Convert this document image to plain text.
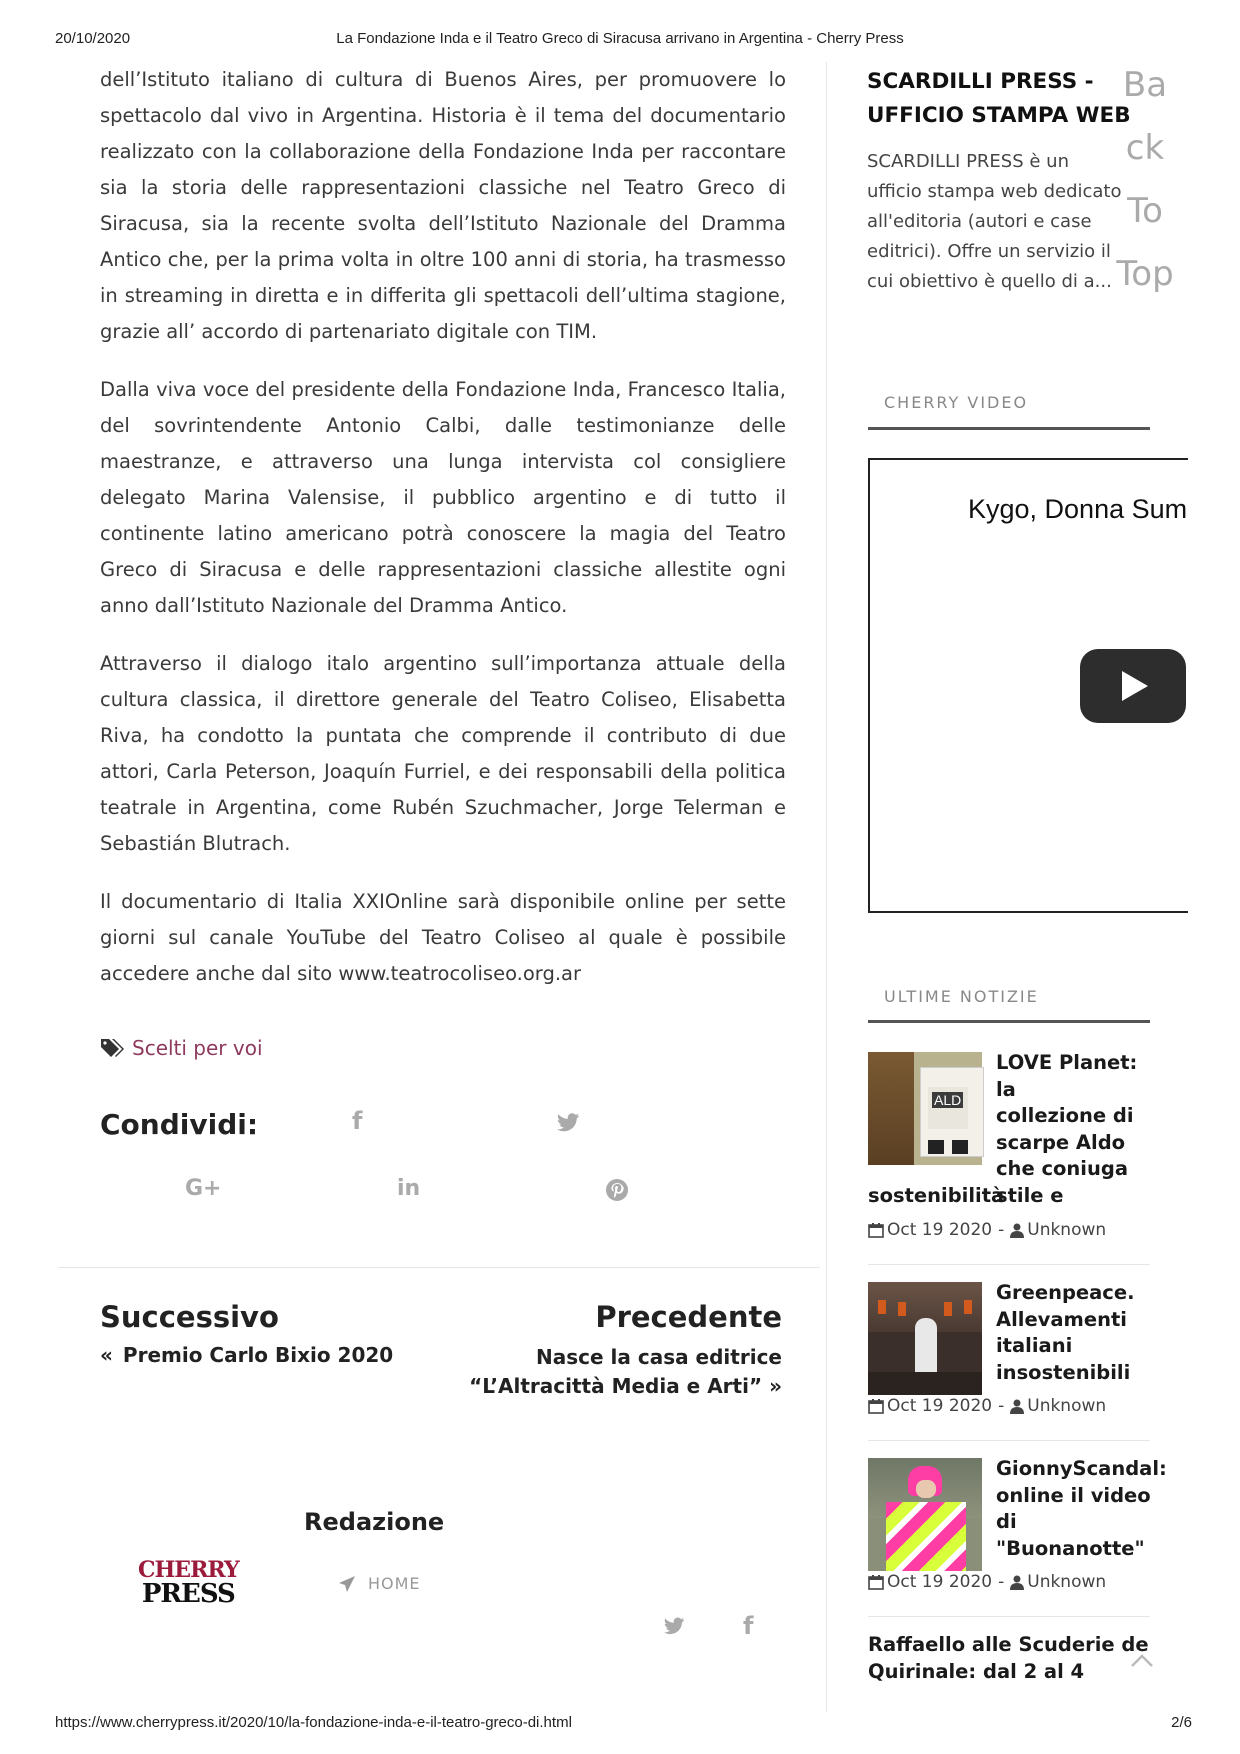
20/10/2020	La Fondazione Inda e il Teatro Greco di Siracusa arrivano in Argentina - Cherry Press

dell’Istituto italiano di cultura di Buenos Aires, per promuovere lo spettacolo dal vivo in Argentina. Historia è il tema del documentario realizzato con la collaborazione della Fondazione Inda per raccontare sia la storia delle rappresentazioni classiche nel Teatro Greco di Siracusa, sia la recente svolta dell’Istituto Nazionale del Dramma Antico che, per la prima volta in oltre 100 anni di storia, ha trasmesso in streaming in diretta e in differita gli spettacoli dell’ultima stagione, grazie all’ accordo di partenariato digitale con TIM.

Dalla viva voce del presidente della Fondazione Inda, Francesco Italia, del sovrintendente Antonio Calbi, dalle testimonianze delle maestranze, e attraverso una lunga intervista col consigliere delegato Marina Valensise, il pubblico argentino e di tutto il continente latino americano potrà conoscere la magia del Teatro Greco di Siracusa e delle rappresentazioni classiche allestite ogni anno dall’Istituto Nazionale del Dramma Antico.

Attraverso il dialogo italo argentino sull’importanza attuale della cultura classica, il direttore generale del Teatro Coliseo, Elisabetta Riva, ha condotto la puntata che comprende il contributo di due attori, Carla Peterson, Joaquín Furriel, e dei responsabili della politica teatrale in Argentina, come Rubén Szuchmacher, Jorge Telerman e Sebastián Blutrach.

Il documentario di Italia XXIOnline sarà disponibile online per sette giorni sul canale YouTube del Teatro Coliseo al quale è possibile accedere anche dal sito www.teatrocoliseo.org.ar

Scelti per voi
Condividi:	f
G+	in
Successivo
« Premio Carlo Bixio 2020
Precedente
Nasce la casa editrice
“L’Altracittà Media e Arti” »
Redazione
CHERRY
PRESS	HOME
f
SCARDILLI PRESS -
UFFICIO STAMPA WEB
SCARDILLI PRESS è un
ufficio stampa web dedicato
all'editoria (autori e case
editrici). Offre un servizio il
cui obiettivo è quello di a...
Ba
ck
To
Top
CHERRY VIDEO
Kygo, Donna Sum
ULTIME NOTIZIE
ALD
LOVE Planet: la
collezione di
scarpe Aldo
che coniuga
stile e
sostenibilità
Oct 19 2020 - Unknown
Greenpeace.
Allevamenti
italiani
insostenibili
Oct 19 2020 - Unknown
GionnyScandal:
online il video
di
"Buonanotte"
Oct 19 2020 - Unknown
Raffaello alle Scuderie de
Quirinale: dal 2 al 4
https://www.cherrypress.it/2020/10/la-fondazione-inda-e-il-teatro-greco-di.html	2/6
